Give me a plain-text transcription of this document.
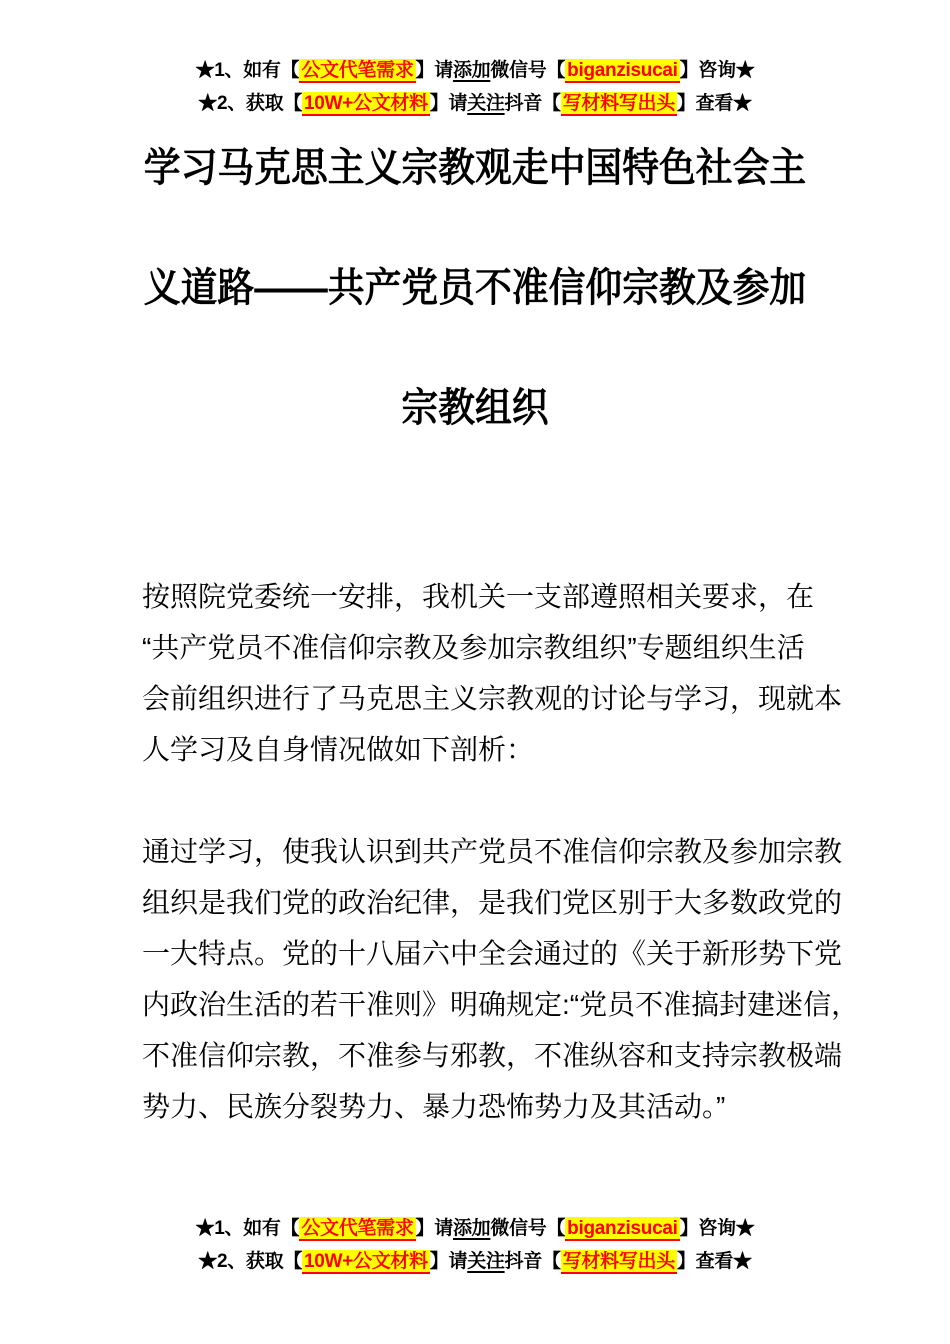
★1、如有【 公文代笔需求 】请添加微信号【 biganzisucai 】咨询★
★2、获取【 10W+公文材料 】请关注抖音【 写材料写出头 】查看★
学习马克思主义宗教观走中国特色社会主
义道路——共产党员不准信仰宗教及参加
宗教组织
按照院党委统一安排，我机关一支部遵照相关要求，在
“共产党员不准信仰宗教及参加宗教组织”专题组织生活
会前组织进行了马克思主义宗教观的讨论与学习，现就本
人学习及自身情况做如下剖析：
通过学习，使我认识到共产党员不准信仰宗教及参加宗教
组织是我们党的政治纪律，是我们党区别于大多数政党的
一大特点。党的十八届六中全会通过的《关于新形势下党
内政治生活的若干准则》明确规定:“党员不准搞封建迷信，
不准信仰宗教，不准参与邪教，不准纵容和支持宗教极端
势力、民族分裂势力、暴力恐怖势力及其活动。”
★1、如有【 公文代笔需求 】请添加微信号【 biganzisucai 】咨询★
★2、获取【 10W+公文材料 】请关注抖音【 写材料写出头 】查看★
